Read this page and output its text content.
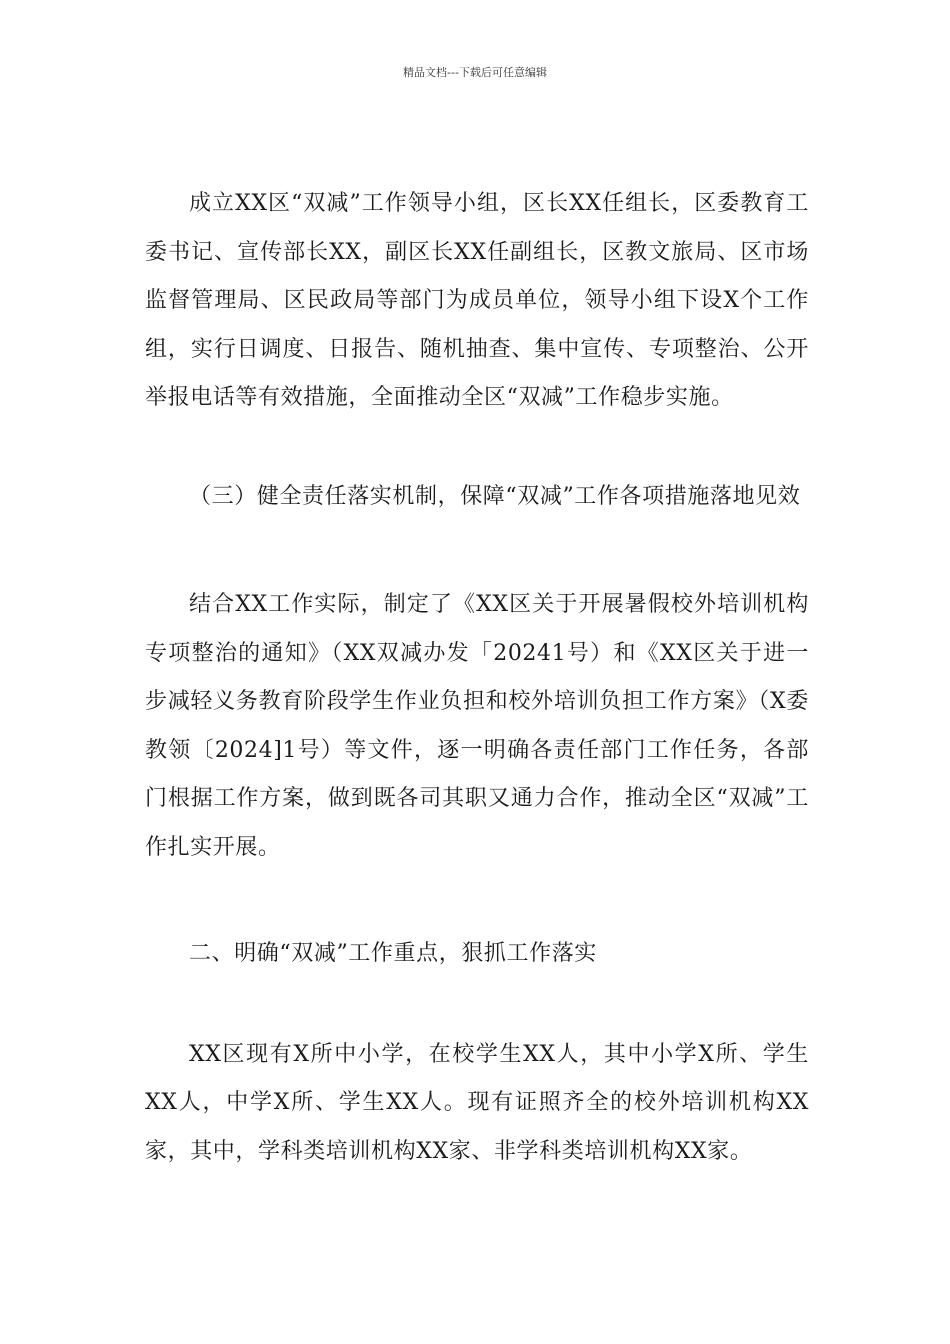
精品文档---下载后可任意编辑

成立XX区“双减”工作领导小组，区长XX任组长，区委教育工委书记、宣传部长XX，副区长XX任副组长，区教文旅局、区市场监督管理局、区民政局等部门为成员单位，领导小组下设X个工作组，实行日调度、日报告、随机抽查、集中宣传、专项整治、公开举报电话等有效措施，全面推动全区“双减”工作稳步实施。

（三）健全责任落实机制，保障“双减”工作各项措施落地见效

结合XX工作实际，制定了《XX区关于开展暑假校外培训机构专项整治的通知》（XX双减办发「20241号）和《XX区关于进一步减轻义务教育阶段学生作业负担和校外培训负担工作方案》（X委教领〔2024]1号）等文件，逐一明确各责任部门工作任务，各部门根据工作方案，做到既各司其职又通力合作，推动全区“双减”工作扎实开展。

二、明确“双减”工作重点，狠抓工作落实

XX区现有X所中小学，在校学生XX人，其中小学X所、学生XX人，中学X所、学生XX人。现有证照齐全的校外培训机构XX家，其中，学科类培训机构XX家、非学科类培训机构XX家。
